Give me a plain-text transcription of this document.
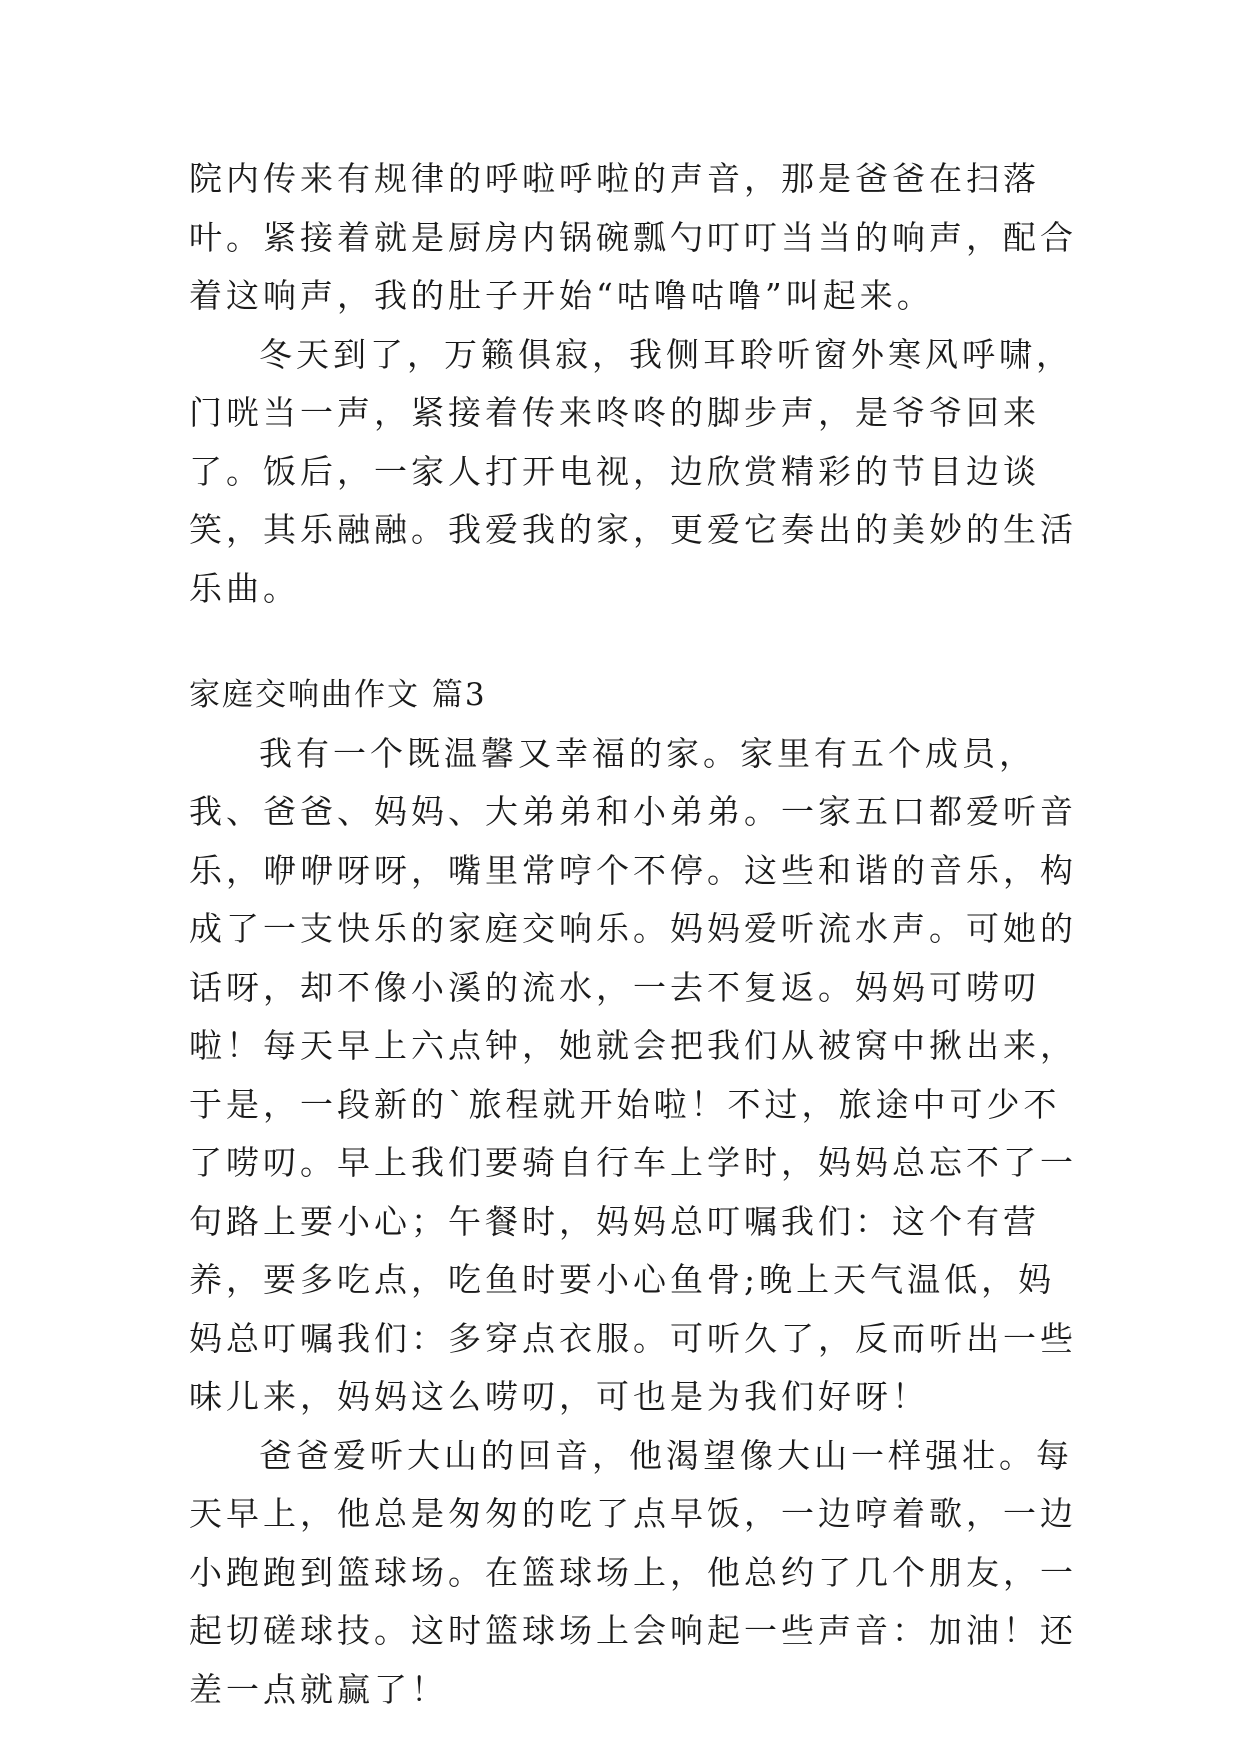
院内传来有规律的呼啦呼啦的声音，那是爸爸在扫落叶。紧接着就是厨房内锅碗瓢勺叮叮当当的响声，配合着这响声，我的肚子开始“咕噜咕噜”叫起来。

冬天到了，万籁俱寂，我侧耳聆听窗外寒风呼啸，门咣当一声，紧接着传来咚咚的脚步声，是爷爷回来了。饭后，一家人打开电视，边欣赏精彩的节目边谈笑，其乐融融。我爱我的家，更爱它奏出的美妙的生活乐曲。

家庭交响曲作文 篇3

我有一个既温馨又幸福的家。家里有五个成员，我、爸爸、妈妈、大弟弟和小弟弟。一家五口都爱听音乐，咿咿呀呀，嘴里常哼个不停。这些和谐的音乐，构成了一支快乐的家庭交响乐。妈妈爱听流水声。可她的话呀，却不像小溪的流水，一去不复返。妈妈可唠叨啦！每天早上六点钟，她就会把我们从被窝中揪出来，于是，一段新的`旅程就开始啦！不过，旅途中可少不了唠叨。早上我们要骑自行车上学时，妈妈总忘不了一句路上要小心；午餐时，妈妈总叮嘱我们：这个有营养，要多吃点，吃鱼时要小心鱼骨;晚上天气温低，妈妈总叮嘱我们：多穿点衣服。可听久了，反而听出一些味儿来，妈妈这么唠叨，可也是为我们好呀！

爸爸爱听大山的回音，他渴望像大山一样强壮。每天早上，他总是匆匆的吃了点早饭，一边哼着歌，一边小跑跑到篮球场。在篮球场上，他总约了几个朋友，一起切磋球技。这时篮球场上会响起一些声音：加油！还差一点就赢了！
